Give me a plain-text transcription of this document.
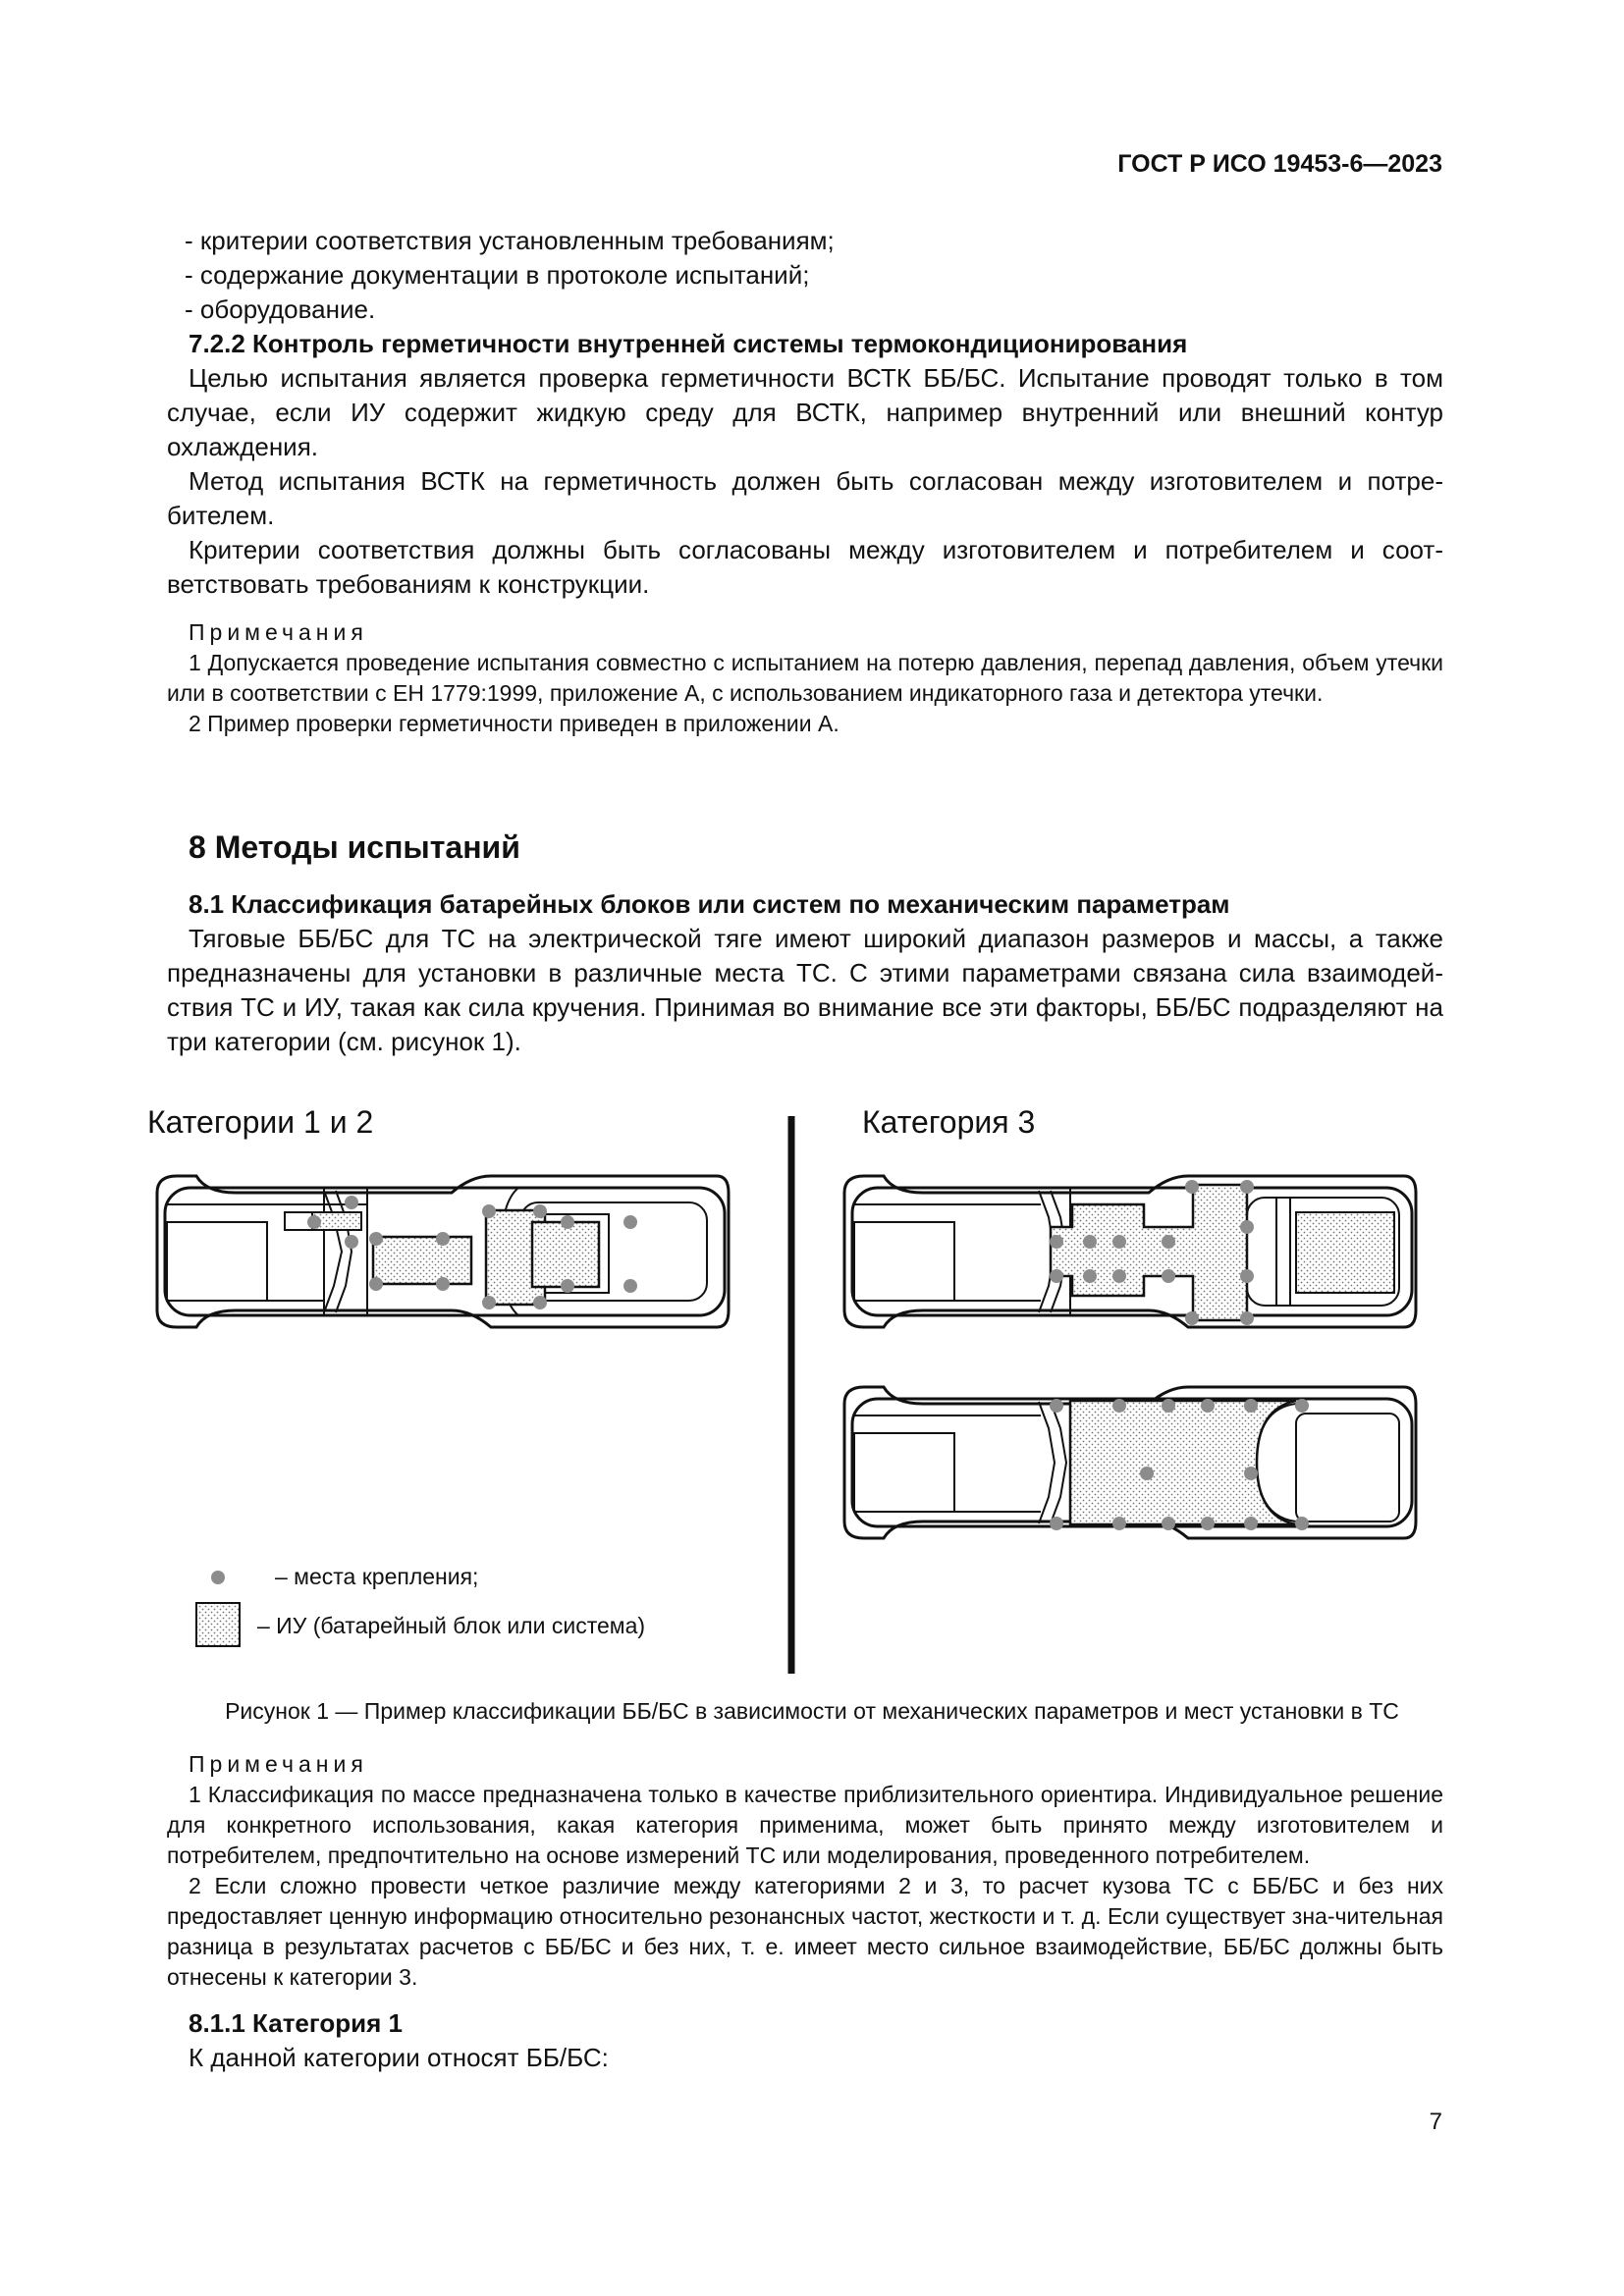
ГОСТ Р ИСО 19453-6—2023

- критерии соответствия установленным требованиям;

- содержание документации в протоколе испытаний;

- оборудование.

7.2.2 Контроль герметичности внутренней системы термокондиционирования

Целью испытания является проверка герметичности ВСТК ББ/БС. Испытание проводят только в том случае, если ИУ содержит жидкую среду для ВСТК, например внутренний или внешний контур охлаждения.

Метод испытания ВСТК на герметичность должен быть согласован между изготовителем и потре-бителем.

Критерии соответствия должны быть согласованы между изготовителем и потребителем и соот-ветствовать требованиям к конструкции.

Примечания

1 Допускается проведение испытания совместно с испытанием на потерю давления, перепад давления, объем утечки или в соответствии с ЕН 1779:1999, приложение А, с использованием индикаторного газа и детектора утечки.

2 Пример проверки герметичности приведен в приложении А.

8 Методы испытаний

8.1 Классификация батарейных блоков или систем по механическим параметрам

Тяговые ББ/БС для ТС на электрической тяге имеют широкий диапазон размеров и массы, а также предназначены для установки в различные места ТС. С этими параметрами связана сила взаимодей-ствия ТС и ИУ, такая как сила кручения. Принимая во внимание все эти факторы, ББ/БС подразделяют на три категории (см. рисунок 1).

Категории 1 и 2	Категория 3
– места крепления;
– ИУ (батарейный блок или система)
Рисунок 1 — Пример классификации ББ/БС в зависимости от механических параметров и мест установки в ТС

Примечания

1 Классификация по массе предназначена только в качестве приблизительного ориентира. Индивидуальное решение для конкретного использования, какая категория применима, может быть принято между изготовителем и потребителем, предпочтительно на основе измерений ТС или моделирования, проведенного потребителем.

2 Если сложно провести четкое различие между категориями 2 и 3, то расчет кузова ТС с ББ/БС и без них предоставляет ценную информацию относительно резонансных частот, жесткости и т. д. Если существует зна-чительная разница в результатах расчетов с ББ/БС и без них, т. е. имеет место сильное взаимодействие, ББ/БС должны быть отнесены к категории 3.

8.1.1 Категория 1

К данной категории относят ББ/БС:

7
